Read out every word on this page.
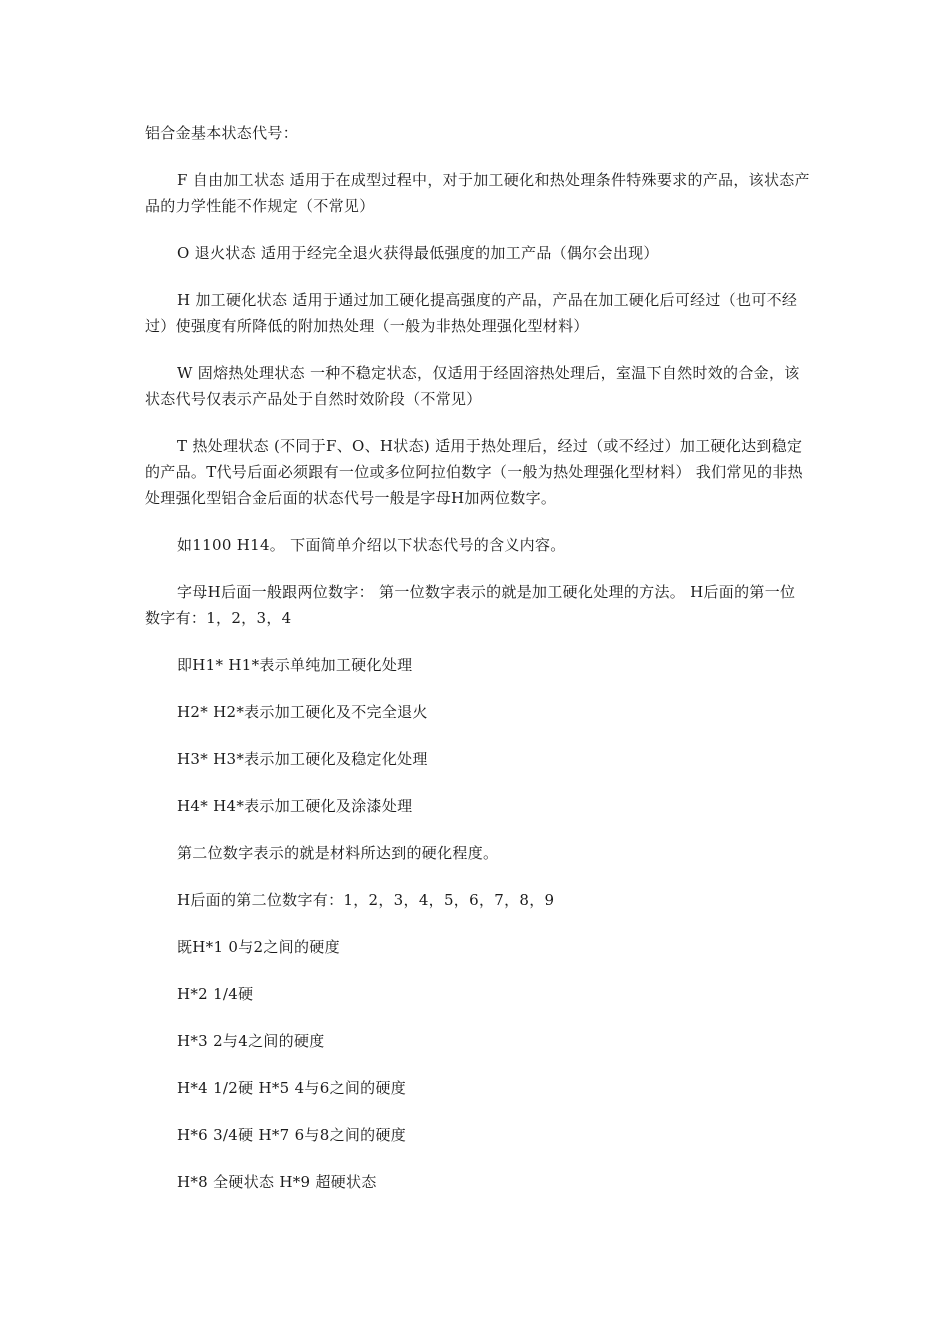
铝合金基本状态代号：

F 自由加工状态 适用于在成型过程中，对于加工硬化和热处理条件特殊要求的产品，该状态产品的力学性能不作规定（不常见）

O 退火状态 适用于经完全退火获得最低强度的加工产品（偶尔会出现）

H 加工硬化状态 适用于通过加工硬化提高强度的产品，产品在加工硬化后可经过（也可不经过）使强度有所降低的附加热处理（一般为非热处理强化型材料）

W 固熔热处理状态 一种不稳定状态，仅适用于经固溶热处理后，室温下自然时效的合金，该状态代号仅表示产品处于自然时效阶段（不常见）

T 热处理状态 (不同于F、O、H状态) 适用于热处理后，经过（或不经过）加工硬化达到稳定的产品。T代号后面必须跟有一位或多位阿拉伯数字（一般为热处理强化型材料） 我们常见的非热处理强化型铝合金后面的状态代号一般是字母H加两位数字。

如1100 H14。 下面简单介绍以下状态代号的含义内容。

字母H后面一般跟两位数字： 第一位数字表示的就是加工硬化处理的方法。 H后面的第一位数字有：1，2，3，4

即H1* H1*表示单纯加工硬化处理

H2* H2*表示加工硬化及不完全退火

H3* H3*表示加工硬化及稳定化处理

H4* H4*表示加工硬化及涂漆处理

第二位数字表示的就是材料所达到的硬化程度。

H后面的第二位数字有：1，2，3，4，5，6，7，8，9

既H*1 0与2之间的硬度

H*2 1/4硬

H*3 2与4之间的硬度

H*4 1/2硬 H*5 4与6之间的硬度

H*6 3/4硬 H*7 6与8之间的硬度

H*8 全硬状态 H*9 超硬状态
